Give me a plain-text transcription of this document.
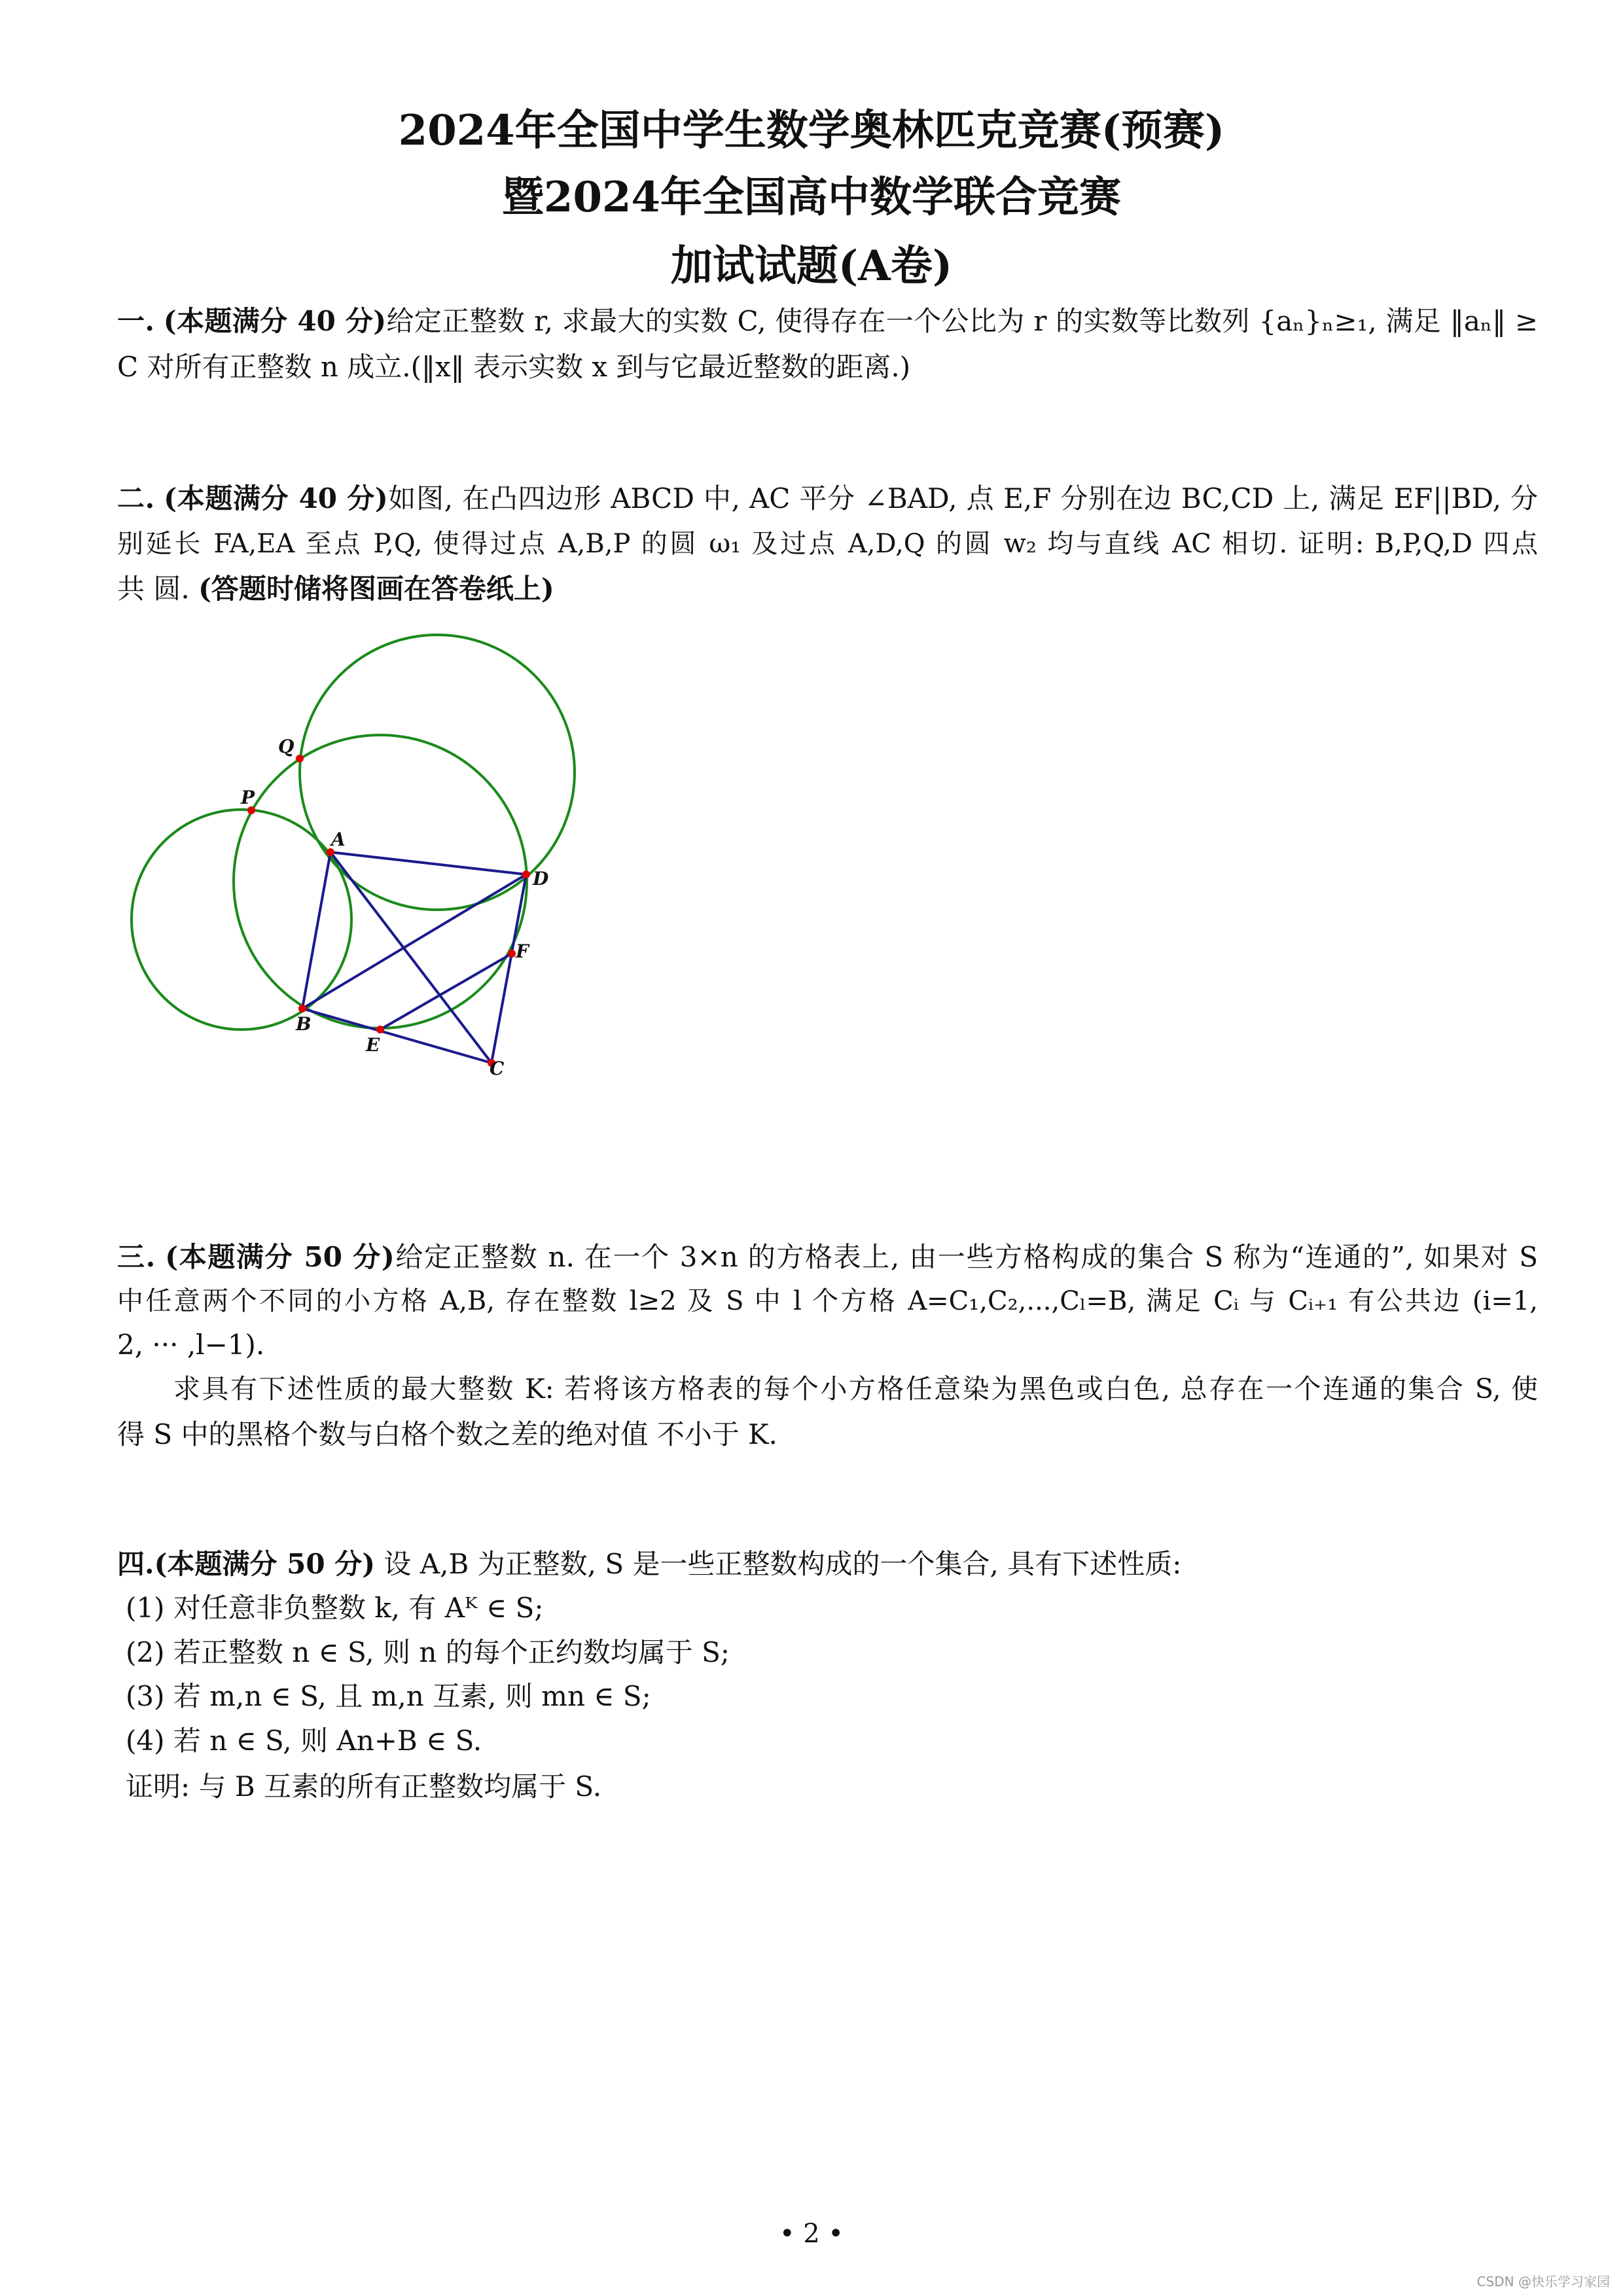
2024年全国中学生数学奥林匹克竞赛(预赛)
暨2024年全国高中数学联合竞赛
加试试题(A卷)
一. (本题满分 40 分)给定正整数 r, 求最大的实数 C, 使得存在一个公比为 r 的实数等比数列 {aₙ}ₙ≥₁, 满足 ‖aₙ‖ ≥
C 对所有正整数 n 成立.(‖x‖ 表示实数 x 到与它最近整数的距离.)
二. (本题满分 40 分)如图, 在凸四边形 ABCD 中, AC 平分 ∠BAD, 点 E,F 分别在边 BC,CD 上, 满足 EF||BD, 分
别延长 FA,EA 至点 P,Q, 使得过点 A,B,P 的圆 ω₁ 及过点 A,D,Q 的圆 w₂ 均与直线 AC 相切. 证明: B,P,Q,D 四点
共 圆. (答题时储将图画在答卷纸上)
Q
P
A
D
F
B
E
C
三. (本题满分 50 分)给定正整数 n. 在一个 3×n 的方格表上, 由一些方格构成的集合 S 称为“连通的”, 如果对 S
中任意两个不同的小方格 A,B, 存在整数 l≥2 及 S 中 l 个方格 A=C₁,C₂,...,Cₗ=B, 满足 Cᵢ 与 Cᵢ₊₁ 有公共边 (i=1,
2, ··· ,l−1).
求具有下述性质的最大整数 K: 若将该方格表的每个小方格任意染为黑色或白色, 总存在一个连通的集合 S, 使
得 S 中的黑格个数与白格个数之差的绝对值 不小于 K.
四.(本题满分 50 分) 设 A,B 为正整数, S 是一些正整数构成的一个集合, 具有下述性质:
(1) 对任意非负整数 k, 有 Aᴷ ∈ S;
(2) 若正整数 n ∈ S, 则 n 的每个正约数均属于 S;
(3) 若 m,n ∈ S, 且 m,n 互素, 则 mn ∈ S;
(4) 若 n ∈ S, 则 An+B ∈ S.
证明: 与 B 互素的所有正整数均属于 S.
• 2 •
CSDN @快乐学习家园
